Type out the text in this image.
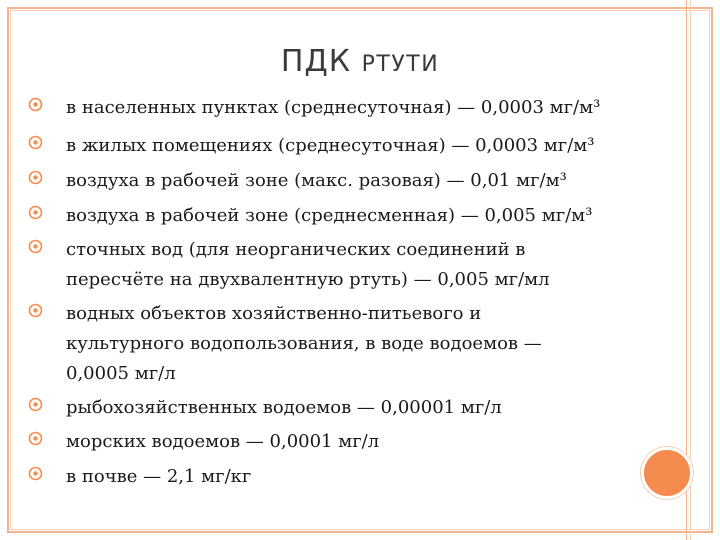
ПДК РТУТИ
в населенных пунктах (среднесуточная) — 0,0003 мг/м³
в жилых помещениях (среднесуточная) — 0,0003 мг/м³
воздуха в рабочей зоне (макс. разовая) — 0,01 мг/м³
воздуха в рабочей зоне (среднесменная) — 0,005 мг/м³
сточных вод (для неорганических соединений в
пересчёте на двухвалентную ртуть) — 0,005 мг/мл
водных объектов хозяйственно-питьевого и
культурного водопользования, в воде водоемов —
0,0005 мг/л
рыбохозяйственных водоемов — 0,00001 мг/л
морских водоемов — 0,0001 мг/л
в почве — 2,1 мг/кг
